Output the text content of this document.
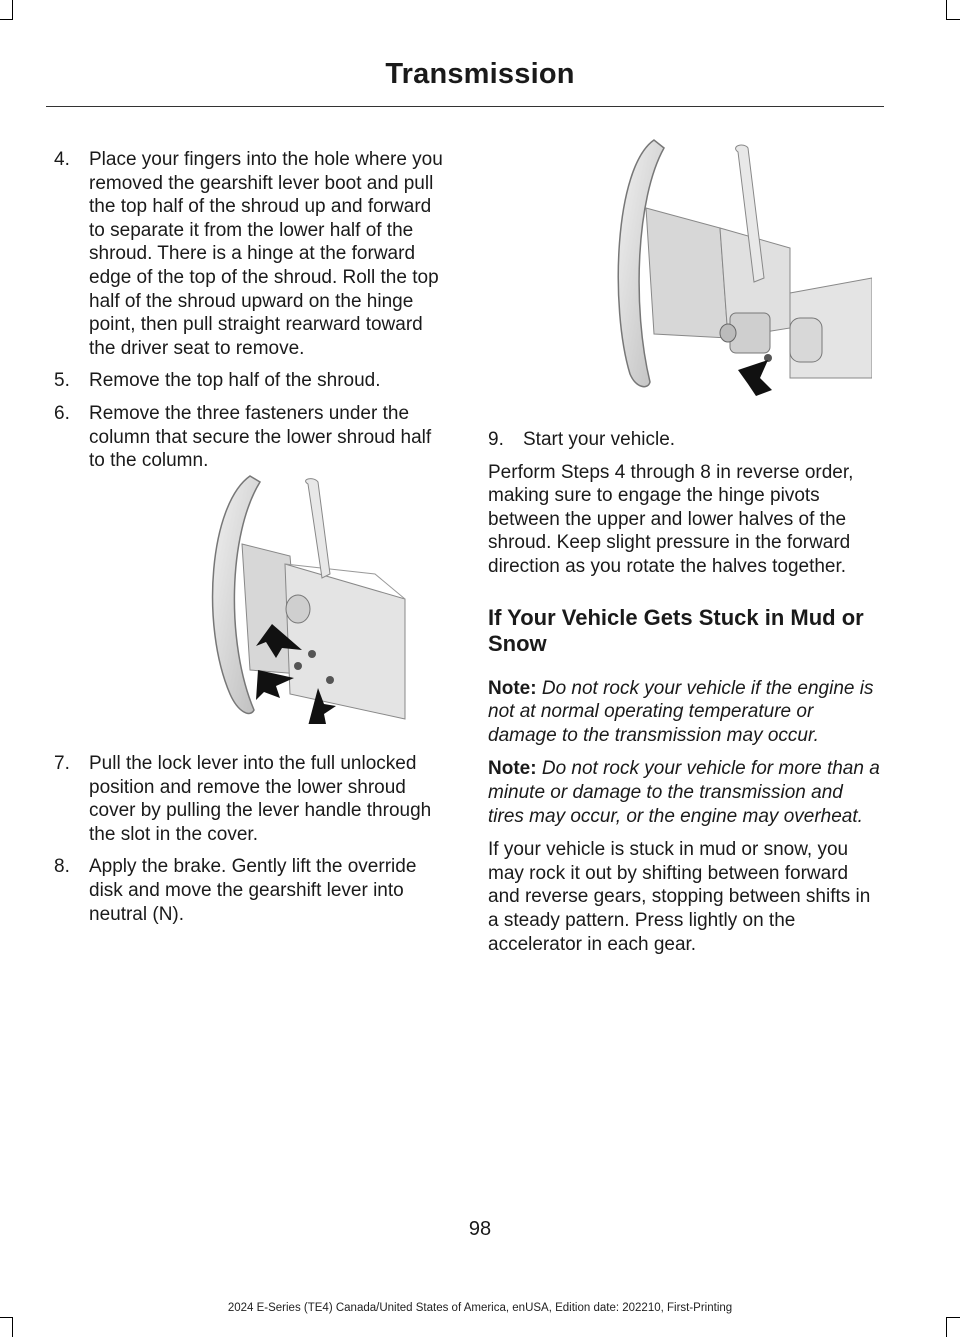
Transmission
4.	Place your fingers into the hole where you removed the gearshift lever boot and pull the top half of the shroud up and forward to separate it from the lower half of the shroud. There is a hinge at the forward edge of the top of the shroud. Roll the top half of the shroud upward on the hinge point, then pull straight rearward toward the driver seat to remove.
5.	Remove the top half of the shroud.
6.	Remove the three fasteners under the column that secure the lower shroud half to the column.
7.	Pull the lock lever into the full unlocked position and remove the lower shroud cover by pulling the lever handle through the slot in the cover.
8.	Apply the brake. Gently lift the override disk and move the gearshift lever into neutral (N).
9.	Start your vehicle.

Perform Steps 4 through 8 in reverse order, making sure to engage the hinge pivots between the upper and lower halves of the shroud. Keep slight pressure in the forward direction as you rotate the halves together.

If Your Vehicle Gets Stuck in Mud or Snow

Note: Do not rock your vehicle if the engine is not at normal operating temperature or damage to the transmission may occur.

Note: Do not rock your vehicle for more than a minute or damage to the transmission and tires may occur, or the engine may overheat.

If your vehicle is stuck in mud or snow, you may rock it out by shifting between forward and reverse gears, stopping between shifts in a steady pattern. Press lightly on the accelerator in each gear.

98
2024 E-Series (TE4) Canada/United States of America, enUSA, Edition date: 202210, First-Printing
